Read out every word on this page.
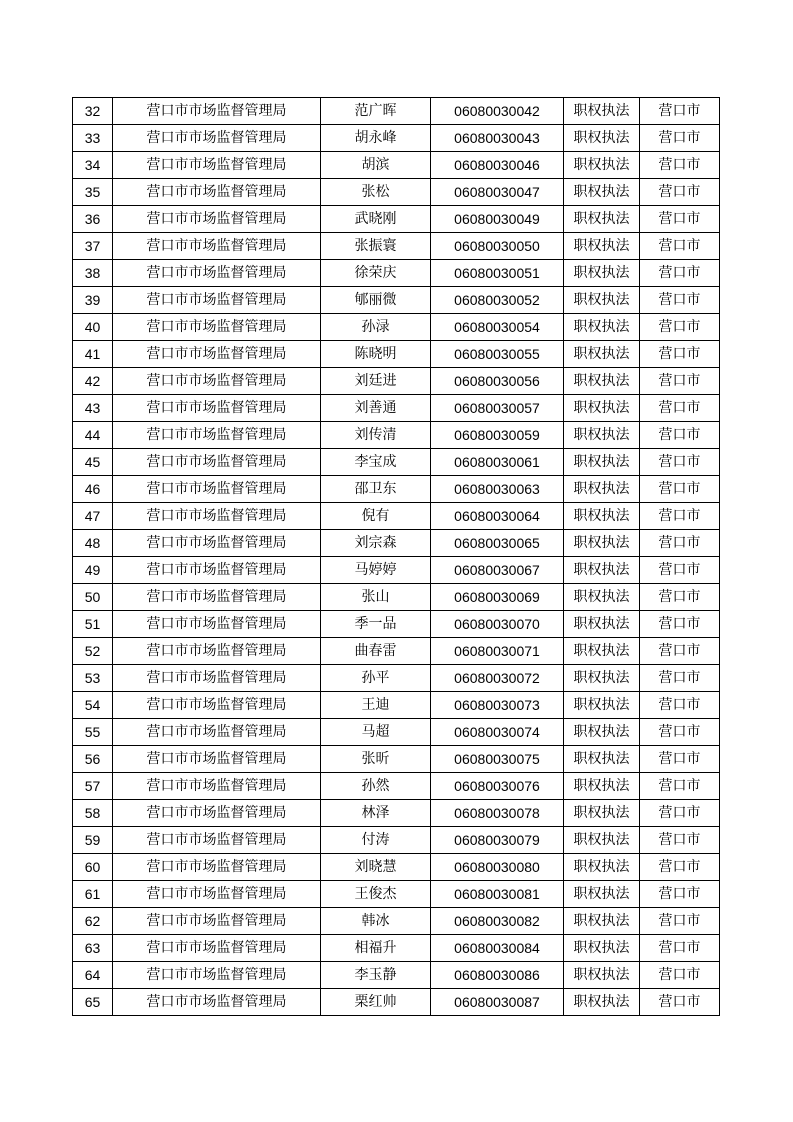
32	营口市市场监督管理局	范广晖	06080030042	职权执法	营口市
33	营口市市场监督管理局	胡永峰	06080030043	职权执法	营口市
34	营口市市场监督管理局	胡滨	06080030046	职权执法	营口市
35	营口市市场监督管理局	张松	06080030047	职权执法	营口市
36	营口市市场监督管理局	武晓刚	06080030049	职权执法	营口市
37	营口市市场监督管理局	张振寰	06080030050	职权执法	营口市
38	营口市市场监督管理局	徐荣庆	06080030051	职权执法	营口市
39	营口市市场监督管理局	郇丽微	06080030052	职权执法	营口市
40	营口市市场监督管理局	孙渌	06080030054	职权执法	营口市
41	营口市市场监督管理局	陈晓明	06080030055	职权执法	营口市
42	营口市市场监督管理局	刘廷进	06080030056	职权执法	营口市
43	营口市市场监督管理局	刘善通	06080030057	职权执法	营口市
44	营口市市场监督管理局	刘传清	06080030059	职权执法	营口市
45	营口市市场监督管理局	李宝成	06080030061	职权执法	营口市
46	营口市市场监督管理局	邵卫东	06080030063	职权执法	营口市
47	营口市市场监督管理局	倪有	06080030064	职权执法	营口市
48	营口市市场监督管理局	刘宗森	06080030065	职权执法	营口市
49	营口市市场监督管理局	马婷婷	06080030067	职权执法	营口市
50	营口市市场监督管理局	张山	06080030069	职权执法	营口市
51	营口市市场监督管理局	季一品	06080030070	职权执法	营口市
52	营口市市场监督管理局	曲春雷	06080030071	职权执法	营口市
53	营口市市场监督管理局	孙平	06080030072	职权执法	营口市
54	营口市市场监督管理局	王迪	06080030073	职权执法	营口市
55	营口市市场监督管理局	马超	06080030074	职权执法	营口市
56	营口市市场监督管理局	张昕	06080030075	职权执法	营口市
57	营口市市场监督管理局	孙然	06080030076	职权执法	营口市
58	营口市市场监督管理局	林泽	06080030078	职权执法	营口市
59	营口市市场监督管理局	付涛	06080030079	职权执法	营口市
60	营口市市场监督管理局	刘晓慧	06080030080	职权执法	营口市
61	营口市市场监督管理局	王俊杰	06080030081	职权执法	营口市
62	营口市市场监督管理局	韩冰	06080030082	职权执法	营口市
63	营口市市场监督管理局	相福升	06080030084	职权执法	营口市
64	营口市市场监督管理局	李玉静	06080030086	职权执法	营口市
65	营口市市场监督管理局	栗红帅	06080030087	职权执法	营口市
